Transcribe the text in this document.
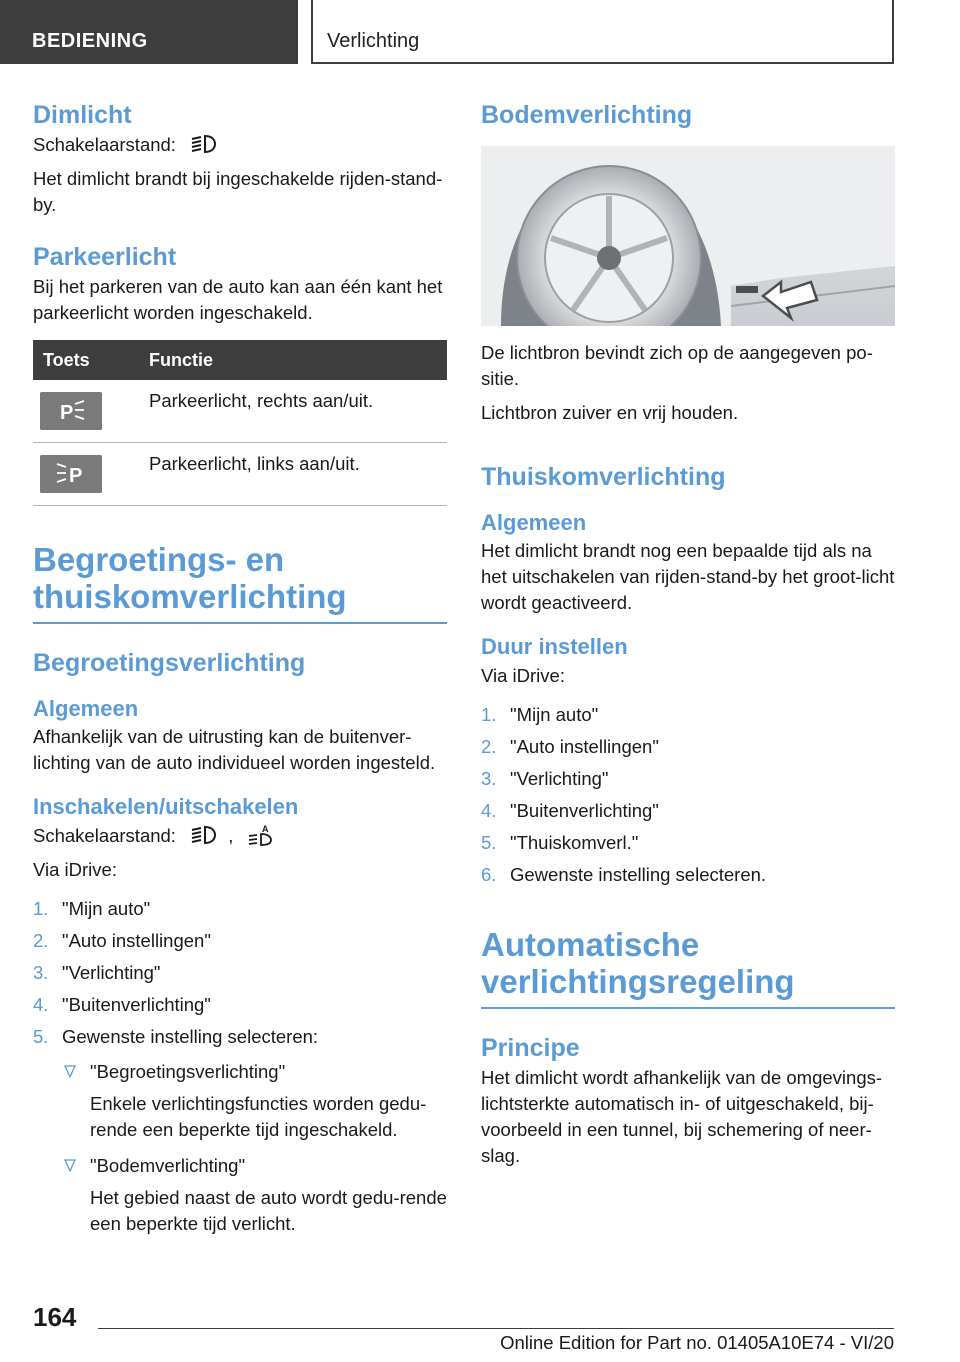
BEDIENING	Verlichting
Dimlicht

Schakelaarstand:

Het dimlicht brandt bij ingeschakelde rijden-stand-by.

Parkeerlicht

Bij het parkeren van de auto kan aan één kant het parkeerlicht worden ingeschakeld.

Toets	Functie

P	Parkeerlicht, rechts aan/uit.

P	Parkeerlicht, links aan/uit.
Begroetings- en thuiskomverlichting
Begroetingsverlichting
Algemeen

Afhankelijk van de uitrusting kan de buitenver-lichting van de auto individueel worden ingesteld.

Inschakelen/uitschakelen

Schakelaarstand:	,	A

Via iDrive:

1. "Mijn auto"
2. "Auto instellingen"
3. "Verlichting"
4. "Buitenverlichting"
5. Gewenste instelling selecteren:
"Begroetingsverlichting"
Enkele verlichtingsfuncties worden gedu-rende een beperkte tijd ingeschakeld.
"Bodemverlichting"
Het gebied naast de auto wordt gedu-rende een beperkte tijd verlicht.
Bodemverlichting

De lichtbron bevindt zich op de aangegeven po-sitie.

Lichtbron zuiver en vrij houden.

Thuiskomverlichting
Algemeen

Het dimlicht brandt nog een bepaalde tijd als na het uitschakelen van rijden-stand-by het groot-licht wordt geactiveerd.

Duur instellen

Via iDrive:

1. "Mijn auto"
2. "Auto instellingen"
3. "Verlichting"
4. "Buitenverlichting"
5. "Thuiskomverl."
6. Gewenste instelling selecteren.
Automatische verlichtingsregeling
Principe

Het dimlicht wordt afhankelijk van de omgevings-lichtsterkte automatisch in- of uitgeschakeld, bij-voorbeeld in een tunnel, bij schemering of neer-slag.

164
Online Edition for Part no. 01405A10E74 - VI/20
